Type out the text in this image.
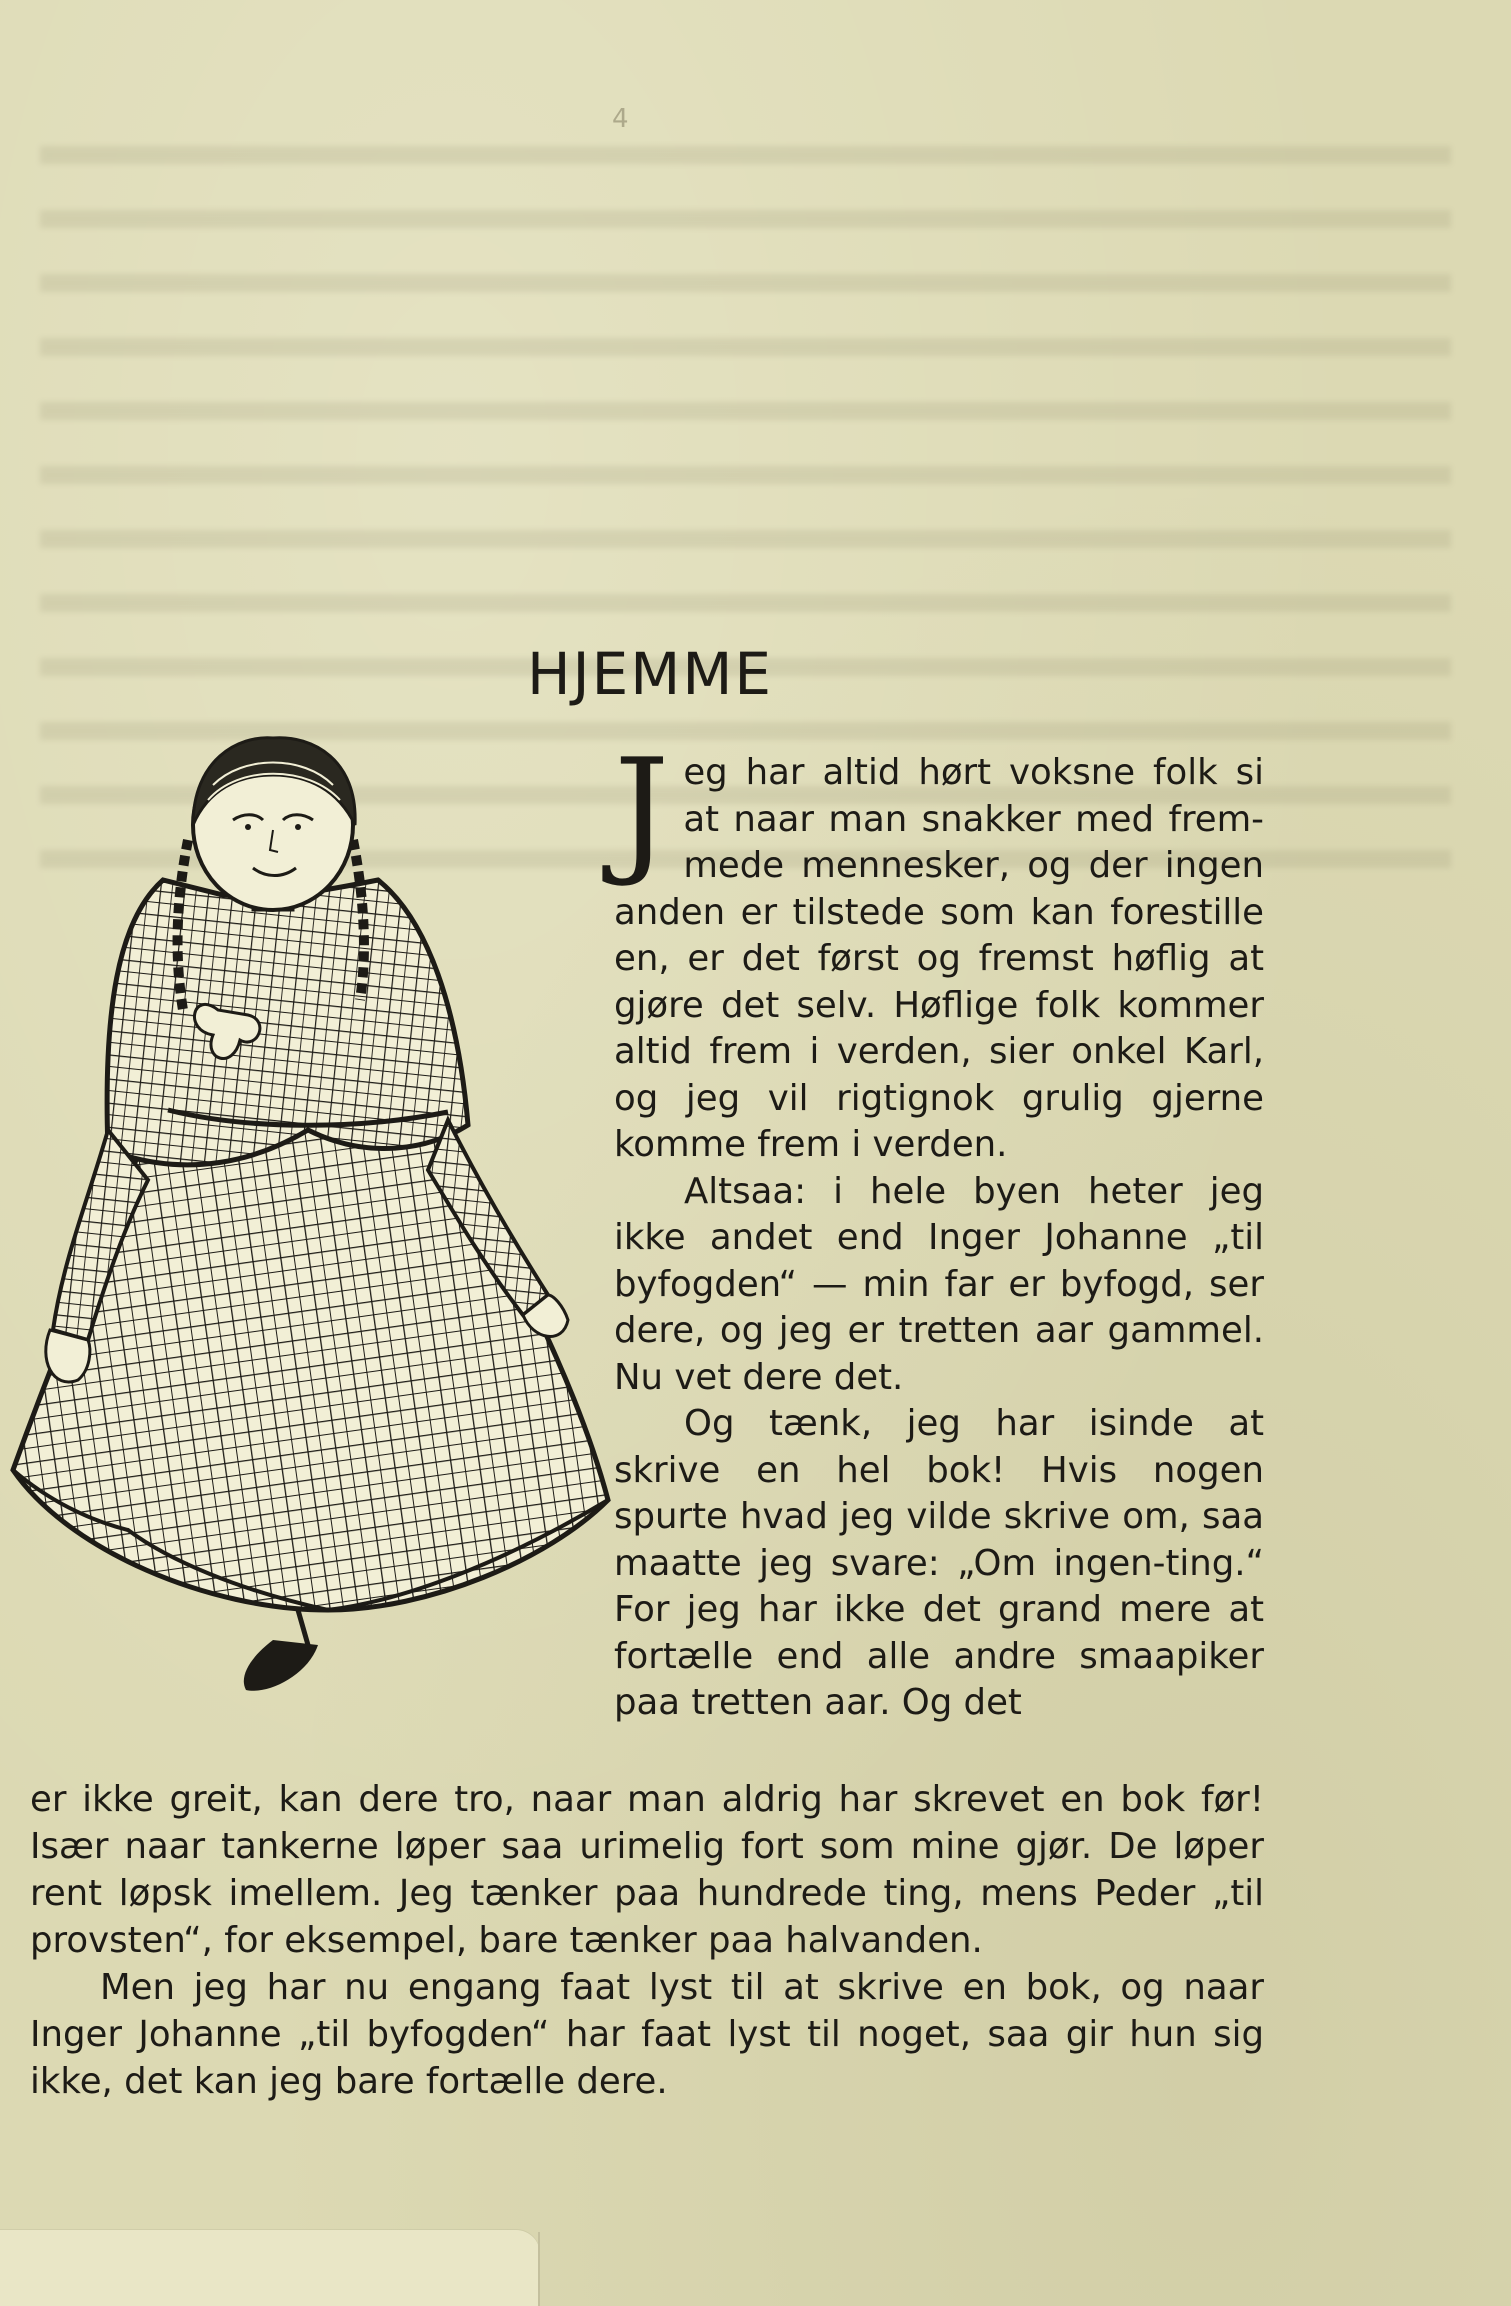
4
HJEMME

Jeg har altid hørt voksne folk si at naar man snakker med frem-mede mennesker, og der ingen anden er tilstede som kan forestille en, er det først og fremst høflig at gjøre det selv. Høflige folk kommer altid frem i verden, sier onkel Karl, og jeg vil rigtignok grulig gjerne komme frem i verden.

Altsaa: i hele byen heter jeg ikke andet end Inger Johanne „til byfogden“ — min far er byfogd, ser dere, og jeg er tretten aar gammel. Nu vet dere det.

Og tænk, jeg har isinde at skrive en hel bok! Hvis nogen spurte hvad jeg vilde skrive om, saa maatte jeg svare: „Om ingen-ting.“ For jeg har ikke det grand mere at fortælle end alle andre smaapiker paa tretten aar. Og det

er ikke greit, kan dere tro, naar man aldrig har skrevet en bok før! Især naar tankerne løper saa urimelig fort som mine gjør. De løper rent løpsk imellem. Jeg tænker paa hundrede ting, mens Peder „til provsten“, for eksempel, bare tænker paa halvanden.

Men jeg har nu engang faat lyst til at skrive en bok, og naar Inger Johanne „til byfogden“ har faat lyst til noget, saa gir hun sig ikke, det kan jeg bare fortælle dere.
